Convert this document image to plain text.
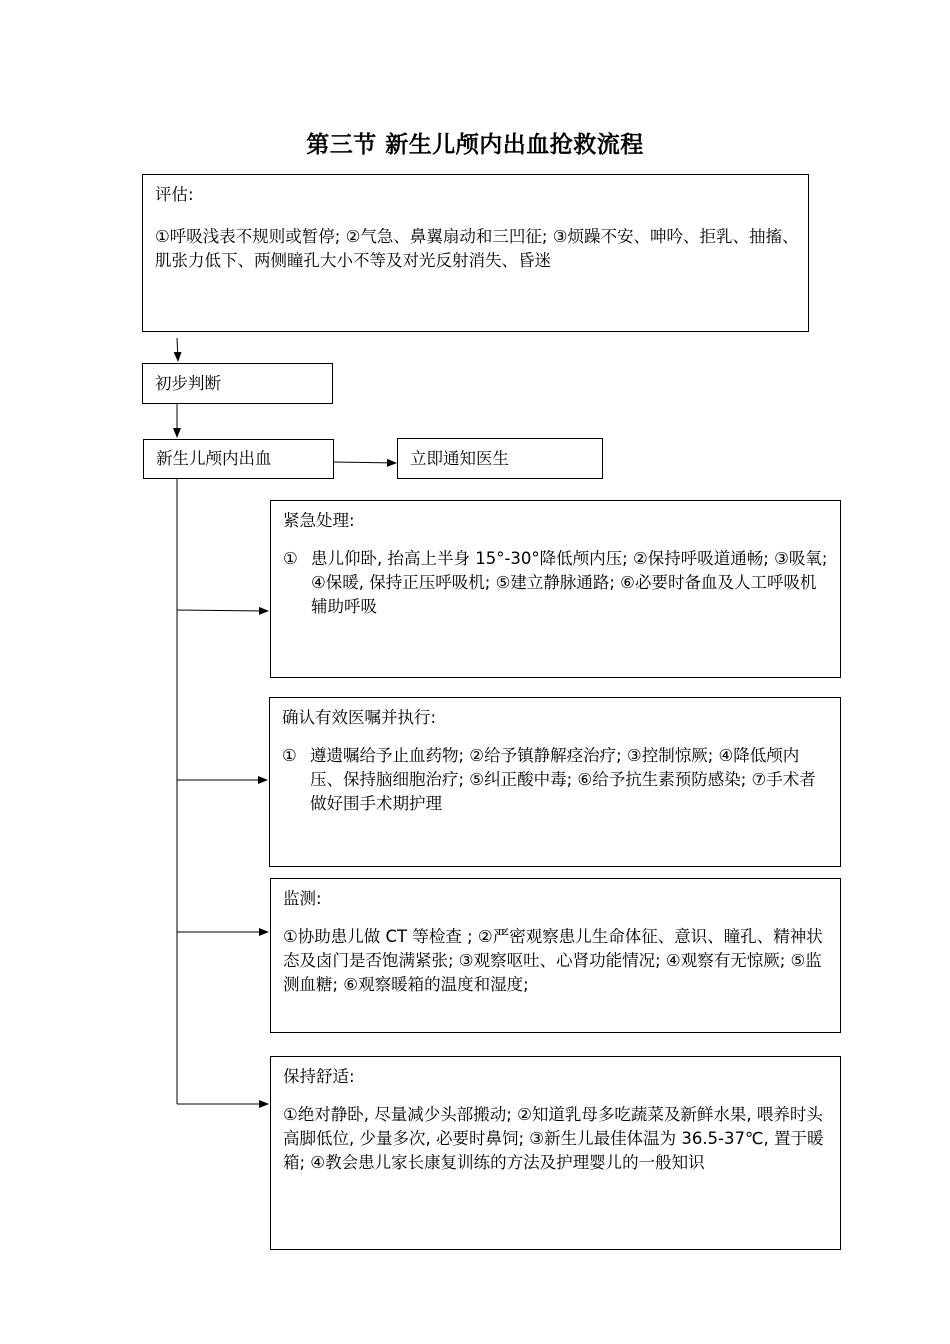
第三节 新生儿颅内出血抢救流程
评估:
①呼吸浅表不规则或暂停; ②气急、鼻翼扇动和三凹征; ③烦躁不安、呻吟、拒乳、抽搐、肌张力低下、两侧瞳孔大小不等及对光反射消失、昏迷
初步判断
新生儿颅内出血	立即通知医生
紧急处理:
① 患儿仰卧, 抬高上半身 15°-30°降低颅内压; ②保持呼吸道通畅; ③吸氧; ④保暖, 保持正压呼吸机; ⑤建立静脉通路; ⑥必要时备血及人工呼吸机辅助呼吸
确认有效医嘱并执行:
① 遵遗嘱给予止血药物; ②给予镇静解痉治疗; ③控制惊厥; ④降低颅内压、保持脑细胞治疗; ⑤纠正酸中毒; ⑥给予抗生素预防感染; ⑦手术者做好围手术期护理
监测:
①协助患儿做 CT 等检查 ; ②严密观察患儿生命体征、意识、瞳孔、精神状态及卤门是否饱满紧张; ③观察呕吐、心肾功能情况; ④观察有无惊厥; ⑤监测血糖; ⑥观察暖箱的温度和湿度;
保持舒适:
①绝对静卧, 尽量减少头部搬动; ②知道乳母多吃蔬菜及新鲜水果, 喂养时头高脚低位, 少量多次, 必要时鼻饲; ③新生儿最佳体温为 36.5-37℃, 置于暖箱; ④教会患儿家长康复训练的方法及护理婴儿的一般知识
